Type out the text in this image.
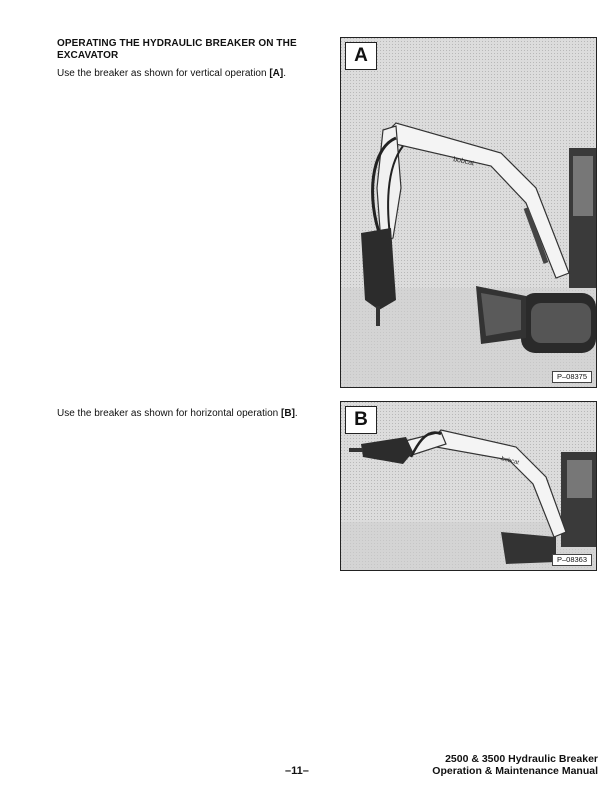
OPERATING THE HYDRAULIC BREAKER ON THE EXCAVATOR
Use the breaker as shown for vertical operation [A].
Use the breaker as shown for horizontal operation [B].
bobcat
A
P–08375
bobcat
B
P–08363
–11–
2500 & 3500 Hydraulic Breaker
Operation & Maintenance Manual
